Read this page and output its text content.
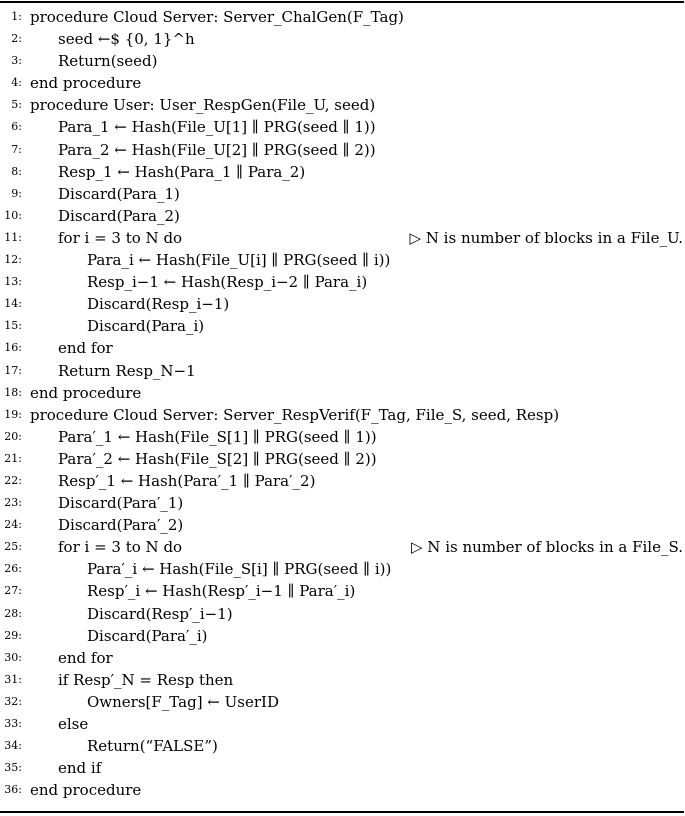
1: procedure Cloud Server: Server_ChalGen(F_Tag)
2: seed ←$ {0, 1}^h
3: Return(seed)
4: end procedure
5: procedure User: User_RespGen(File_U, seed)
6: Para_1 ← Hash(File_U[1] ∥ PRG(seed ∥ 1))
7: Para_2 ← Hash(File_U[2] ∥ PRG(seed ∥ 2))
8: Resp_1 ← Hash(Para_1 ∥ Para_2)
9: Discard(Para_1)
10: Discard(Para_2)
11: for i = 3 to N do	▷ N is number of blocks in a File_U.
12:	Para_i ← Hash(File_U[i] ∥ PRG(seed ∥ i))
13:	Resp_i−1 ← Hash(Resp_i−2 ∥ Para_i)
14:	Discard(Resp_i−1)
15:	Discard(Para_i)
16: end for
17: Return Resp_N−1
18: end procedure
19: procedure Cloud Server: Server_RespVerif(F_Tag, File_S, seed, Resp)
20: Para′_1 ← Hash(File_S[1] ∥ PRG(seed ∥ 1))
21: Para′_2 ← Hash(File_S[2] ∥ PRG(seed ∥ 2))
22: Resp′_1 ← Hash(Para′_1 ∥ Para′_2)
23: Discard(Para′_1)
24: Discard(Para′_2)
25: for i = 3 to N do	▷ N is number of blocks in a File_S.
26:	Para′_i ← Hash(File_S[i] ∥ PRG(seed ∥ i))
27:	Resp′_i ← Hash(Resp′_i−1 ∥ Para′_i)
28:	Discard(Resp′_i−1)
29:	Discard(Para′_i)
30: end for
31: if Resp′_N = Resp then
32:	Owners[F_Tag] ← UserID
33: else
34:	Return(“FALSE”)
35: end if
36: end procedure
